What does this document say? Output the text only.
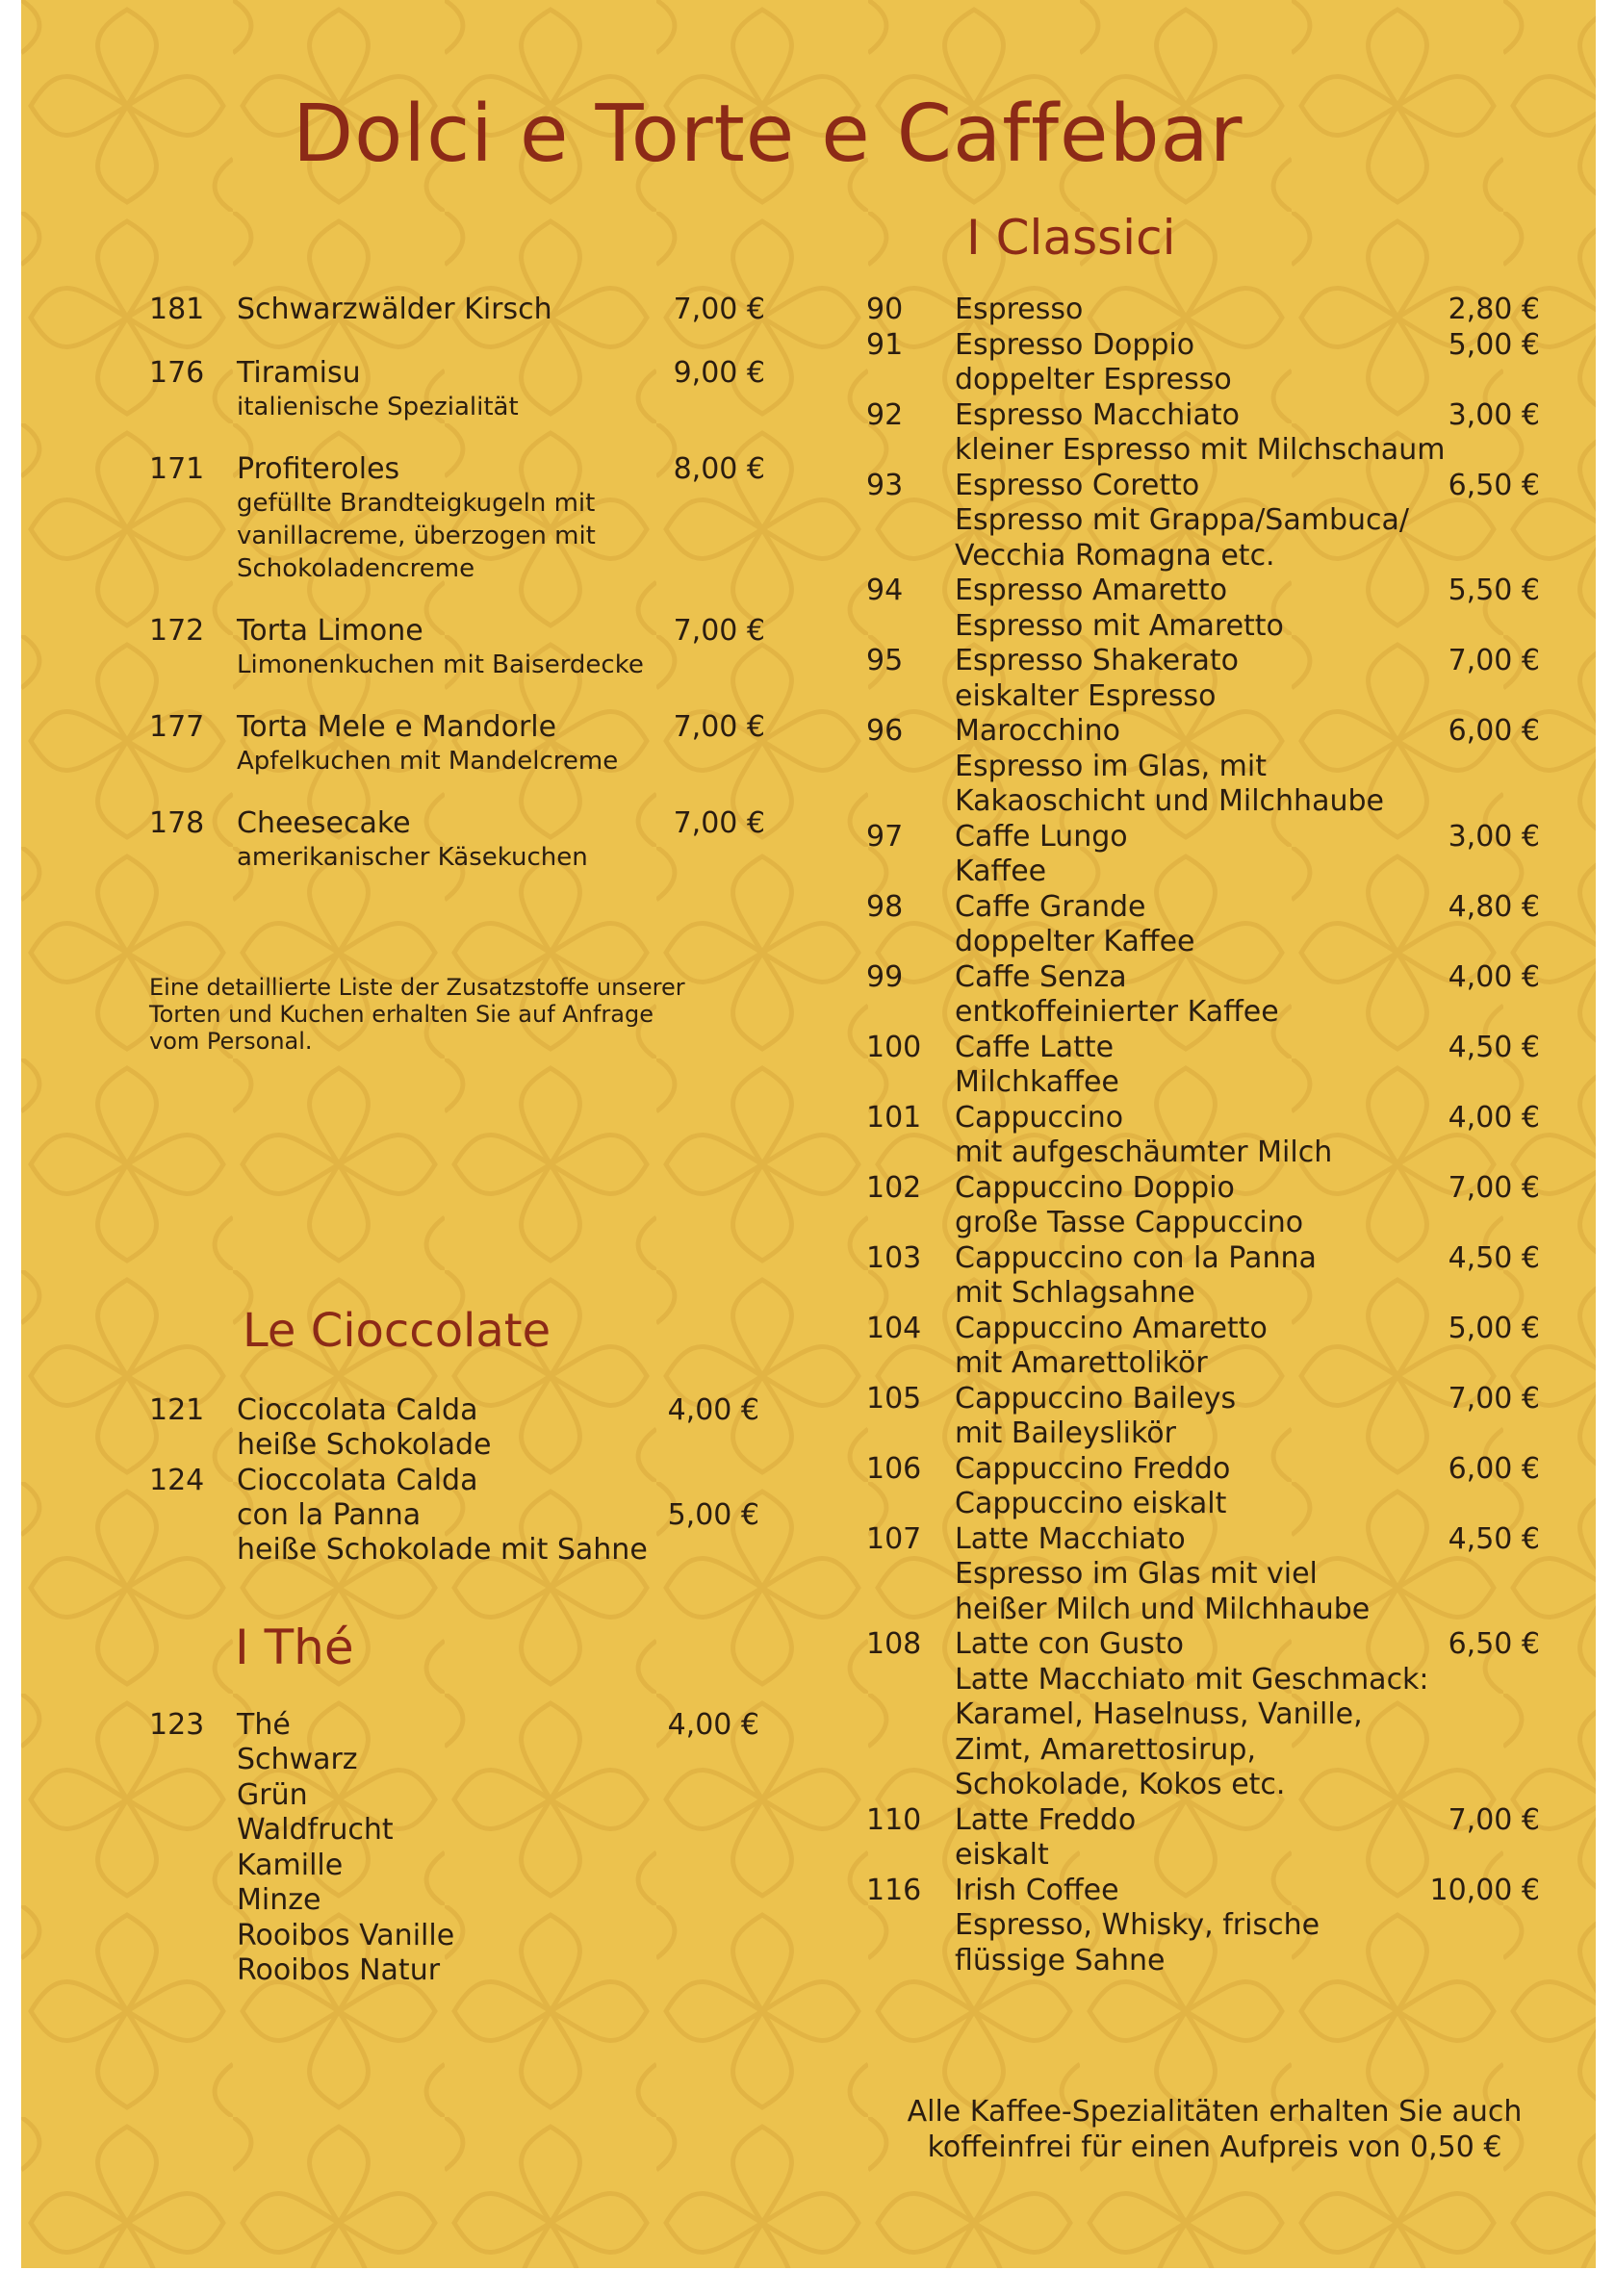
Dolci e Torte e Caffebar
181 Schwarzwälder Kirsch	7,00 €
176 Tiramisu	9,00 €
italienische Spezialität
171 Profiteroles	8,00 €
gefüllte Brandteigkugeln mit
vanillacreme, überzogen mit
Schokoladencreme
172 Torta Limone	7,00 €
Limonenkuchen mit Baiserdecke
177 Torta Mele e Mandorle	7,00 €
Apfelkuchen mit Mandelcreme
178 Cheesecake	7,00 €
amerikanischer Käsekuchen
Eine detaillierte Liste der Zusatzstoffe unserer
Torten und Kuchen erhalten Sie auf Anfrage
vom Personal.
Le Cioccolate
121 Cioccolata Calda	4,00 €
heiße Schokolade
124 Cioccolata Calda
con la Panna	5,00 €
heiße Schokolade mit Sahne
I Thé
123 Thé	4,00 €
Schwarz
Grün
Waldfrucht
Kamille
Minze
Rooibos Vanille
Rooibos Natur
I Classici
90 Espresso	2,80 €
91 Espresso Doppio	5,00 €
doppelter Espresso
92 Espresso Macchiato	3,00 €
kleiner Espresso mit Milchschaum
93 Espresso Coretto	6,50 €
Espresso mit Grappa/Sambuca/
Vecchia Romagna etc.
94 Espresso Amaretto	5,50 €
Espresso mit Amaretto
95 Espresso Shakerato	7,00 €
eiskalter Espresso
96 Marocchino	6,00 €
Espresso im Glas, mit
Kakaoschicht und Milchhaube
97 Caffe Lungo	3,00 €
Kaffee
98 Caffe Grande	4,80 €
doppelter Kaffee
99 Caffe Senza	4,00 €
entkoffeinierter Kaffee
100 Caffe Latte	4,50 €
Milchkaffee
101 Cappuccino	4,00 €
mit aufgeschäumter Milch
102 Cappuccino Doppio	7,00 €
große Tasse Cappuccino
103 Cappuccino con la Panna	4,50 €
mit Schlagsahne
104 Cappuccino Amaretto	5,00 €
mit Amarettolikör
105 Cappuccino Baileys	7,00 €
mit Baileyslikör
106 Cappuccino Freddo	6,00 €
Cappuccino eiskalt
107 Latte Macchiato	4,50 €
Espresso im Glas mit viel
heißer Milch und Milchhaube
108 Latte con Gusto	6,50 €
Latte Macchiato mit Geschmack:
Karamel, Haselnuss, Vanille,
Zimt, Amarettosirup,
Schokolade, Kokos etc.
110 Latte Freddo	7,00 €
eiskalt
116 Irish Coffee	10,00 €
Espresso, Whisky, frische
flüssige Sahne
Alle Kaffee-Spezialitäten erhalten Sie auch
koffeinfrei für einen Aufpreis von 0,50 €
